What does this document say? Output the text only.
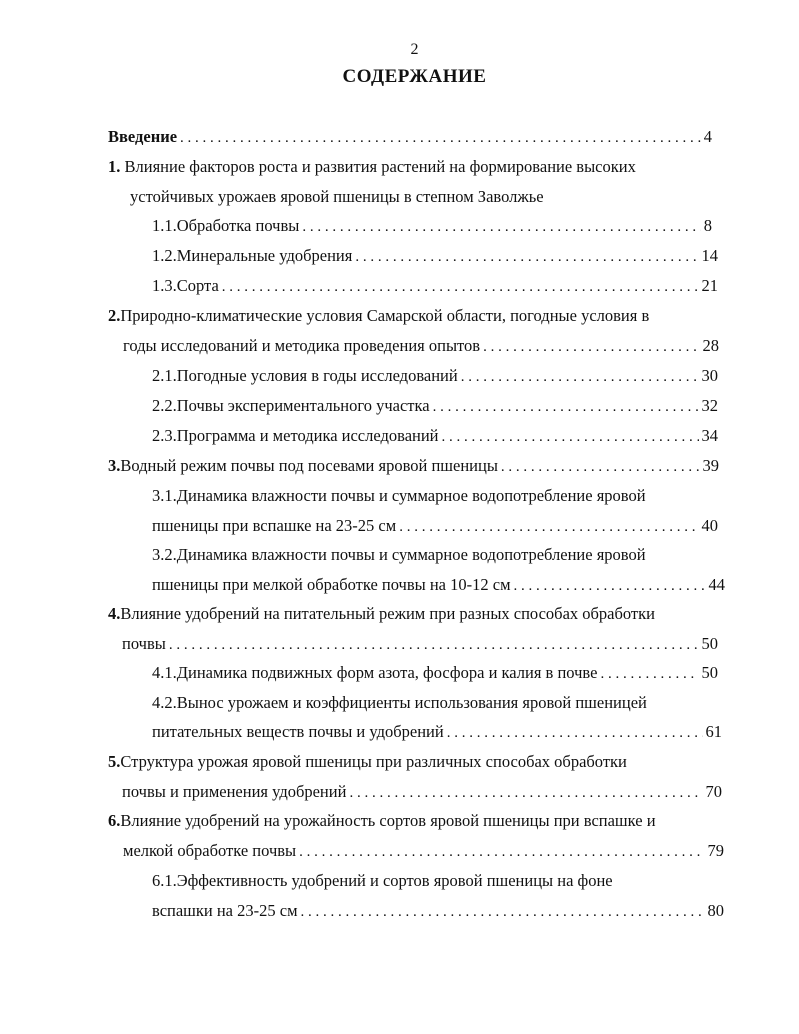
2
СОДЕРЖАНИЕ
Введение . . .	4
1. Влияние факторов роста и развития растений на формирование высоких
устойчивых урожаев яровой пшеницы в степном Заволжье
1.1.Обработка почвы . . .	8
1.2.Минеральные удобрения . . .	14
1.3.Сорта . . .	21
2.Природно-климатические условия Самарской области, погодные условия в
годы исследований и методика проведения опытов . . .	28
2.1.Погодные условия в годы исследований . . .	30
2.2.Почвы экспериментального участка . . .	32
2.3.Программа и методика исследований . . .	34
3.Водный режим почвы под посевами яровой пшеницы . . .	39
3.1.Динамика влажности почвы и суммарное водопотребление яровой
пшеницы при вспашке на 23-25 см . . .	40
3.2.Динамика влажности почвы и суммарное водопотребление яровой
пшеницы при мелкой обработке почвы на 10-12 см . . .	44
4.Влияние удобрений на питательный режим при разных способах обработки
почвы . . .	50
4.1.Динамика подвижных форм азота, фосфора и калия в почве . . .	50
4.2.Вынос урожаем и коэффициенты использования яровой пшеницей
питательных веществ почвы и удобрений . . .	61
5.Структура урожая яровой пшеницы при различных способах обработки
почвы и применения удобрений . . .	70
6.Влияние удобрений на урожайность сортов яровой пшеницы при вспашке и
мелкой обработке почвы . . .	79
6.1.Эффективность удобрений и сортов яровой пшеницы на фоне
вспашки на 23-25 см . . .	80
